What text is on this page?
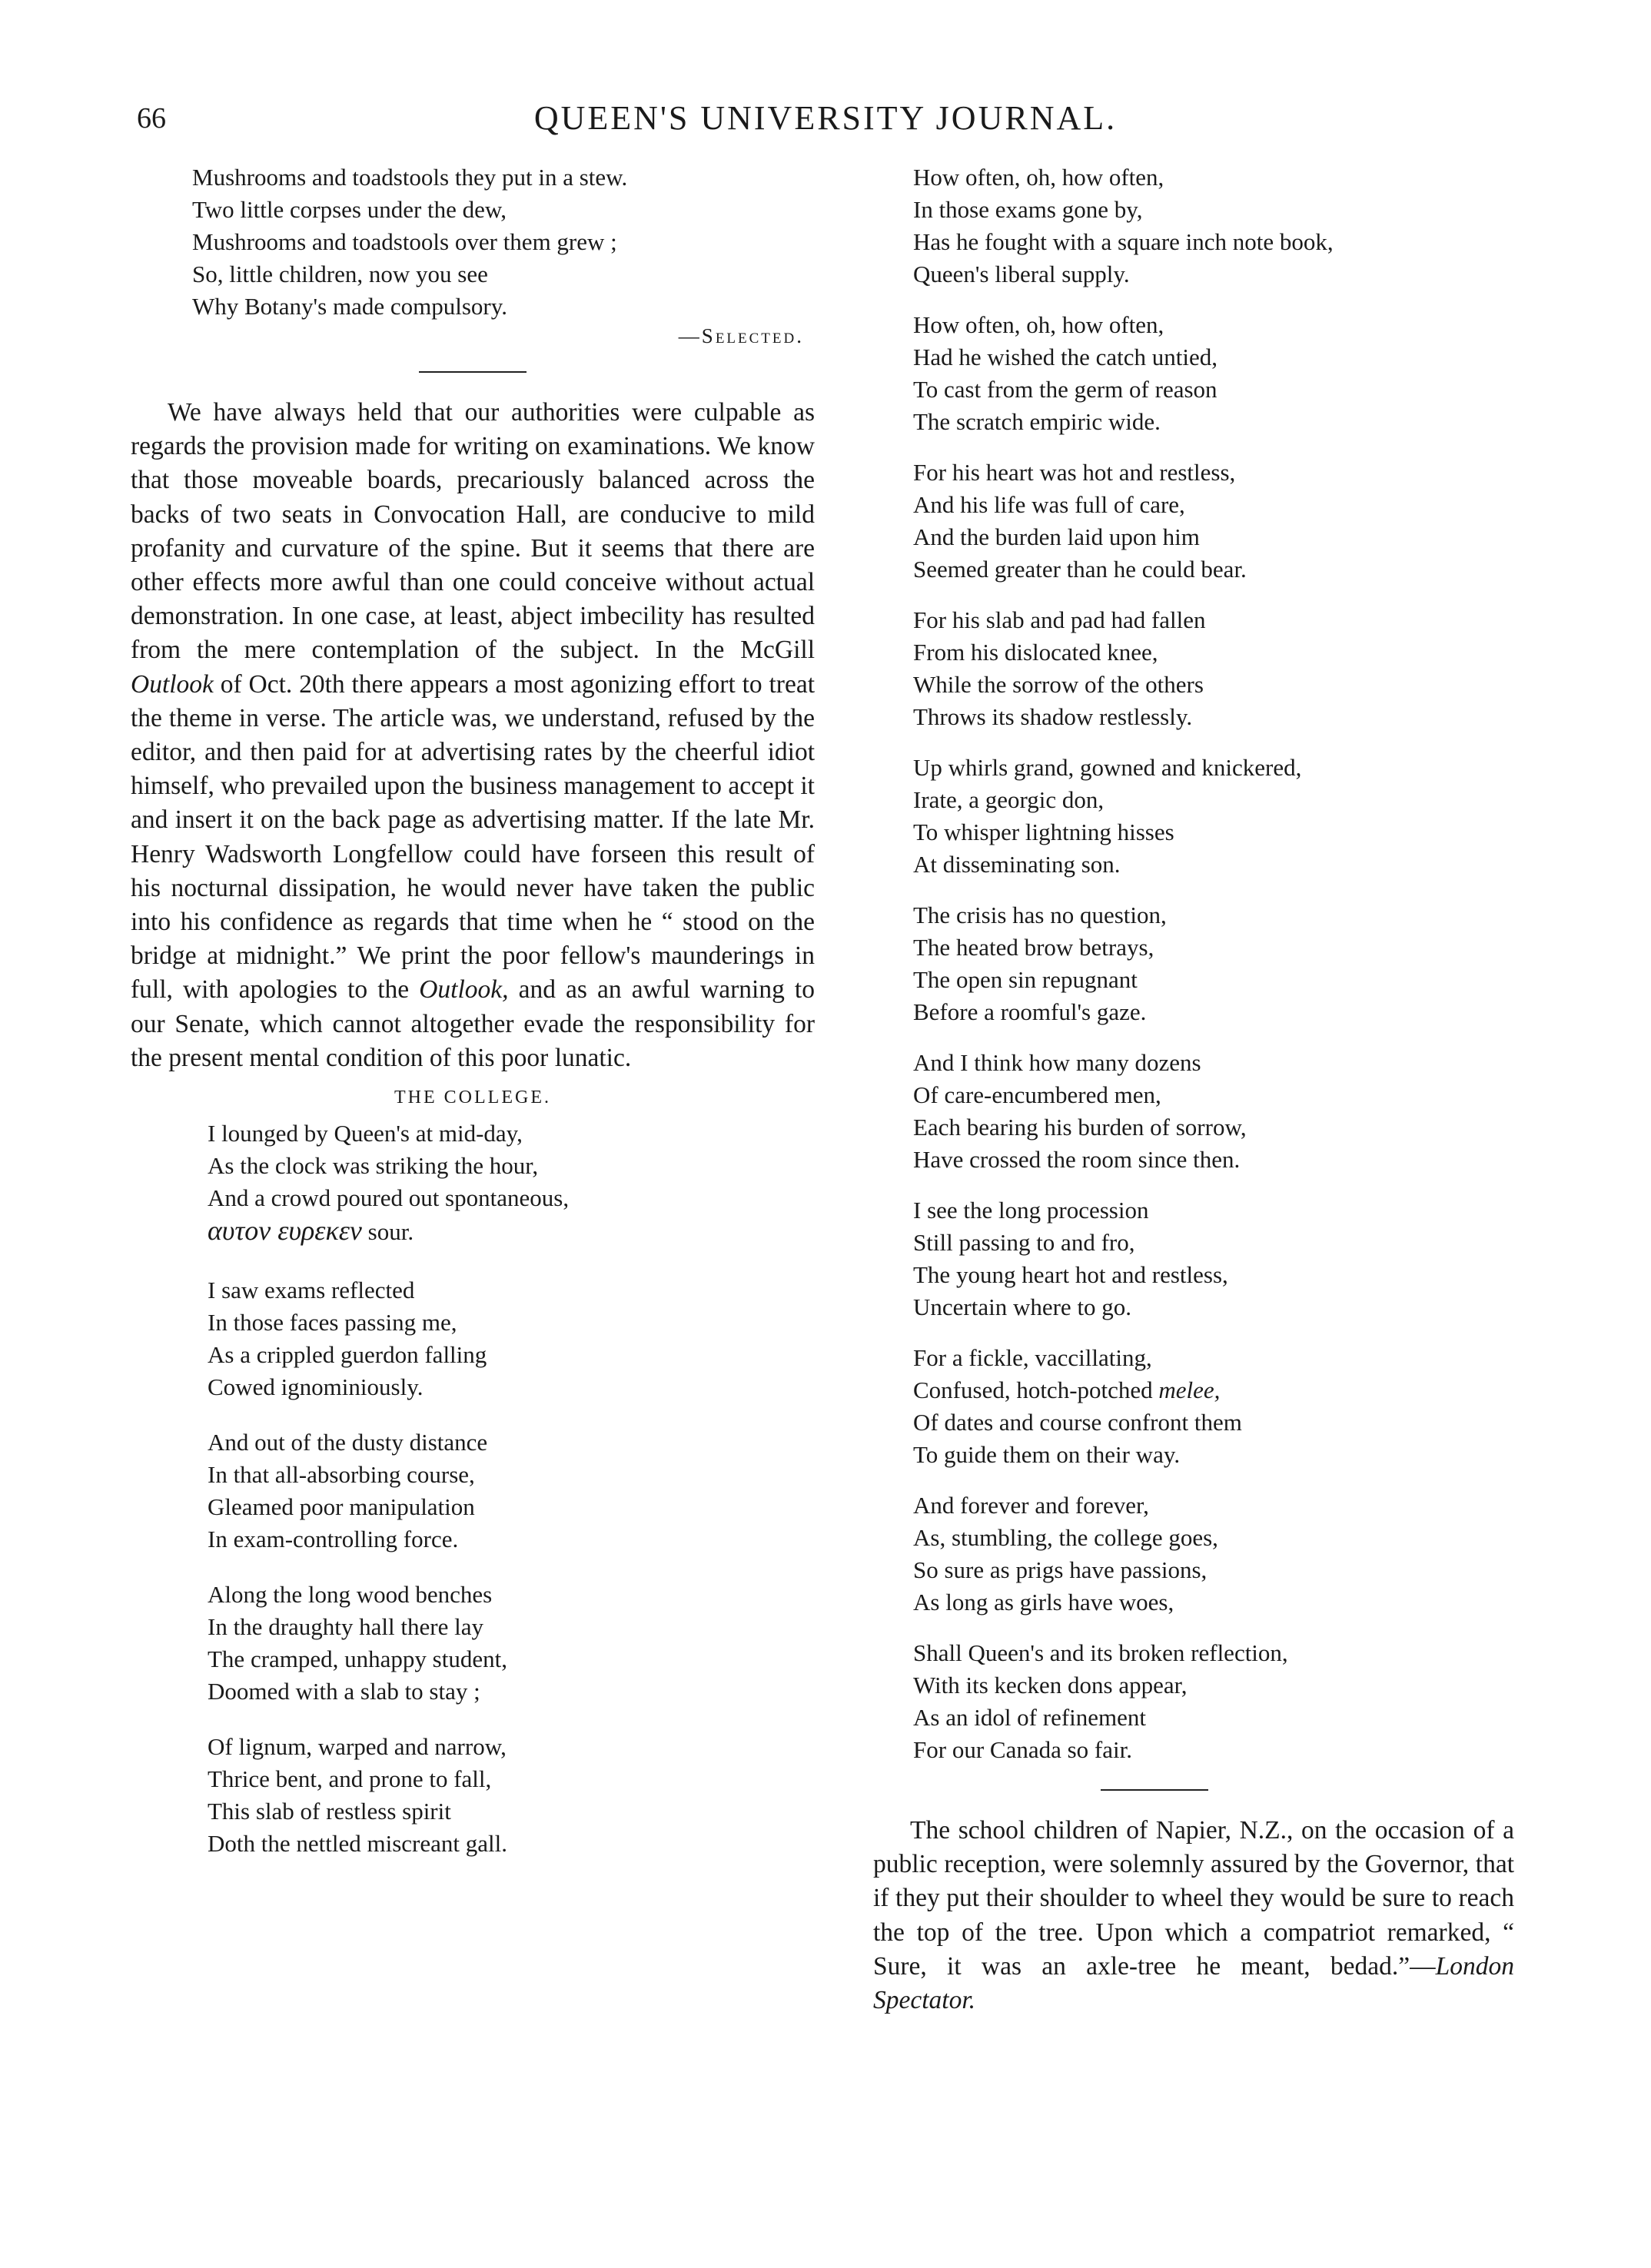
66	QUEEN'S UNIVERSITY JOURNAL.
Mushrooms and toadstools they put in a stew.
Two little corpses under the dew,
Mushrooms and toadstools over them grew ;
So, little children, now you see
Why Botany's made compulsory.
—Selected.
We have always held that our authorities were culpable as regards the provision made for writing on examinations. We know that those moveable boards, precariously balanced across the backs of two seats in Convocation Hall, are conducive to mild profanity and curvature of the spine. But it seems that there are other effects more awful than one could conceive without actual demonstration. In one case, at least, abject imbecility has resulted from the mere contemplation of the subject. In the McGill Outlook of Oct. 20th there appears a most agonizing effort to treat the theme in verse. The article was, we understand, refused by the editor, and then paid for at advertising rates by the cheerful idiot himself, who prevailed upon the business management to accept it and insert it on the back page as advertising matter. If the late Mr. Henry Wadsworth Longfellow could have forseen this result of his nocturnal dissipation, he would never have taken the public into his confidence as regards that time when he “ stood on the bridge at midnight.” We print the poor fellow's maunderings in full, with apologies to the Outlook, and as an awful warning to our Senate, which cannot altogether evade the responsibility for the present mental condition of this poor lunatic.
THE COLLEGE.
I lounged by Queen's at mid-day,
As the clock was striking the hour,
And a crowd poured out spontaneous,
αυτον ευρεκεν sour.
I saw exams reflected
In those faces passing me,
As a crippled guerdon falling
Cowed ignominiously.
And out of the dusty distance
In that all-absorbing course,
Gleamed poor manipulation
In exam-controlling force.
Along the long wood benches
In the draughty hall there lay
The cramped, unhappy student,
Doomed with a slab to stay ;
Of lignum, warped and narrow,
Thrice bent, and prone to fall,
This slab of restless spirit
Doth the nettled miscreant gall.
How often, oh, how often,
In those exams gone by,
Has he fought with a square inch note book,
Queen's liberal supply.
How often, oh, how often,
Had he wished the catch untied,
To cast from the germ of reason
The scratch empiric wide.
For his heart was hot and restless,
And his life was full of care,
And the burden laid upon him
Seemed greater than he could bear.
For his slab and pad had fallen
From his dislocated knee,
While the sorrow of the others
Throws its shadow restlessly.
Up whirls grand, gowned and knickered,
Irate, a georgic don,
To whisper lightning hisses
At disseminating son.
The crisis has no question,
The heated brow betrays,
The open sin repugnant
Before a roomful's gaze.
And I think how many dozens
Of care-encumbered men,
Each bearing his burden of sorrow,
Have crossed the room since then.
I see the long procession
Still passing to and fro,
The young heart hot and restless,
Uncertain where to go.
For a fickle, vaccillating,
Confused, hotch-potched melee,
Of dates and course confront them
To guide them on their way.
And forever and forever,
As, stumbling, the college goes,
So sure as prigs have passions,
As long as girls have woes,
Shall Queen's and its broken reflection,
With its kecken dons appear,
As an idol of refinement
For our Canada so fair.
The school children of Napier, N.Z., on the occasion of a public reception, were solemnly assured by the Governor, that if they put their shoulder to wheel they would be sure to reach the top of the tree. Upon which a compatriot remarked, “ Sure, it was an axle-tree he meant, bedad.”—London Spectator.
